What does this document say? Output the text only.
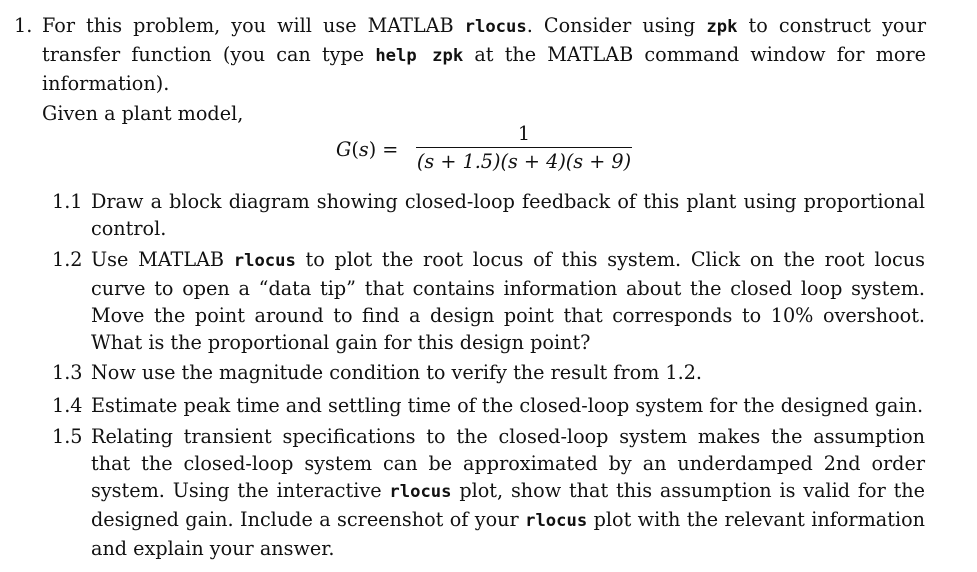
1. For this problem, you will use MATLAB rlocus. Consider using zpk to construct your transfer function (you can type help zpk at the MATLAB command window for more information).
Given a plant model,
G(s) =
1
(s + 1.5)(s + 4)(s + 9)
1.1 Draw a block diagram showing closed-loop feedback of this plant using proportional control.
1.2 Use MATLAB rlocus to plot the root locus of this system. Click on the root locus curve to open a “data tip” that contains information about the closed loop system. Move the point around to find a design point that corresponds to 10% overshoot. What is the proportional gain for this design point?
1.3 Now use the magnitude condition to verify the result from 1.2.
1.4 Estimate peak time and settling time of the closed-loop system for the designed gain.
1.5 Relating transient specifications to the closed-loop system makes the assumption that the closed-loop system can be approximated by an underdamped 2nd order system. Using the interactive rlocus plot, show that this assumption is valid for the designed gain. Include a screenshot of your rlocus plot with the relevant information and explain your answer.
